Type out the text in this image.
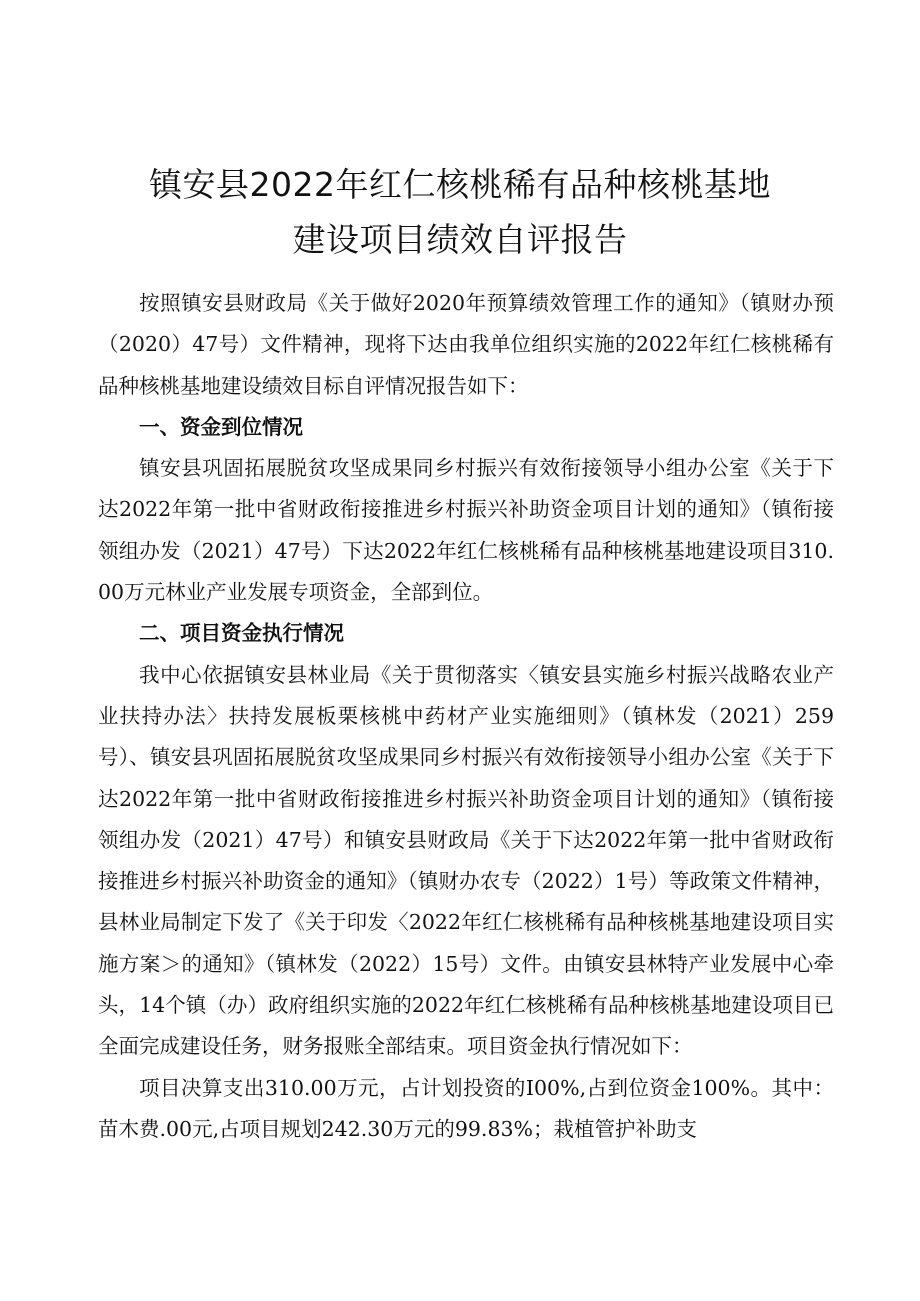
镇安县2022年红仁核桃稀有品种核桃基地
建设项目绩效自评报告

按照镇安县财政局《关于做好2020年预算绩效管理工作的通知》（镇财办预（2020）47号）文件精神，现将下达由我单位组织实施的2022年红仁核桃稀有品种核桃基地建设绩效目标自评情况报告如下：

一、资金到位情况

镇安县巩固拓展脱贫攻坚成果同乡村振兴有效衔接领导小组办公室《关于下达2022年第一批中省财政衔接推进乡村振兴补助资金项目计划的通知》（镇衔接领组办发（2021）47号）下达2022年红仁核桃稀有品种核桃基地建设项目310.00万元林业产业发展专项资金，全部到位。

二、项目资金执行情况

我中心依据镇安县林业局《关于贯彻落实〈镇安县实施乡村振兴战略农业产业扶持办法〉扶持发展板栗核桃中药材产业实施细则》（镇林发（2021）259号）、镇安县巩固拓展脱贫攻坚成果同乡村振兴有效衔接领导小组办公室《关于下达2022年第一批中省财政衔接推进乡村振兴补助资金项目计划的通知》（镇衔接领组办发（2021）47号）和镇安县财政局《关于下达2022年第一批中省财政衔接推进乡村振兴补助资金的通知》（镇财办农专（2022）1号）等政策文件精神，县林业局制定下发了《关于印发〈2022年红仁核桃稀有品种核桃基地建设项目实施方案＞的通知》（镇林发（2022）15号）文件。由镇安县林特产业发展中心牵头，14个镇（办）政府组织实施的2022年红仁核桃稀有品种核桃基地建设项目已全面完成建设任务，财务报账全部结束。项目资金执行情况如下：

项目决算支出310.00万元，占计划投资的I00%,占到位资金100%。其中：苗木费.00元,占项目规划242.30万元的99.83%；栽植管护补助支
